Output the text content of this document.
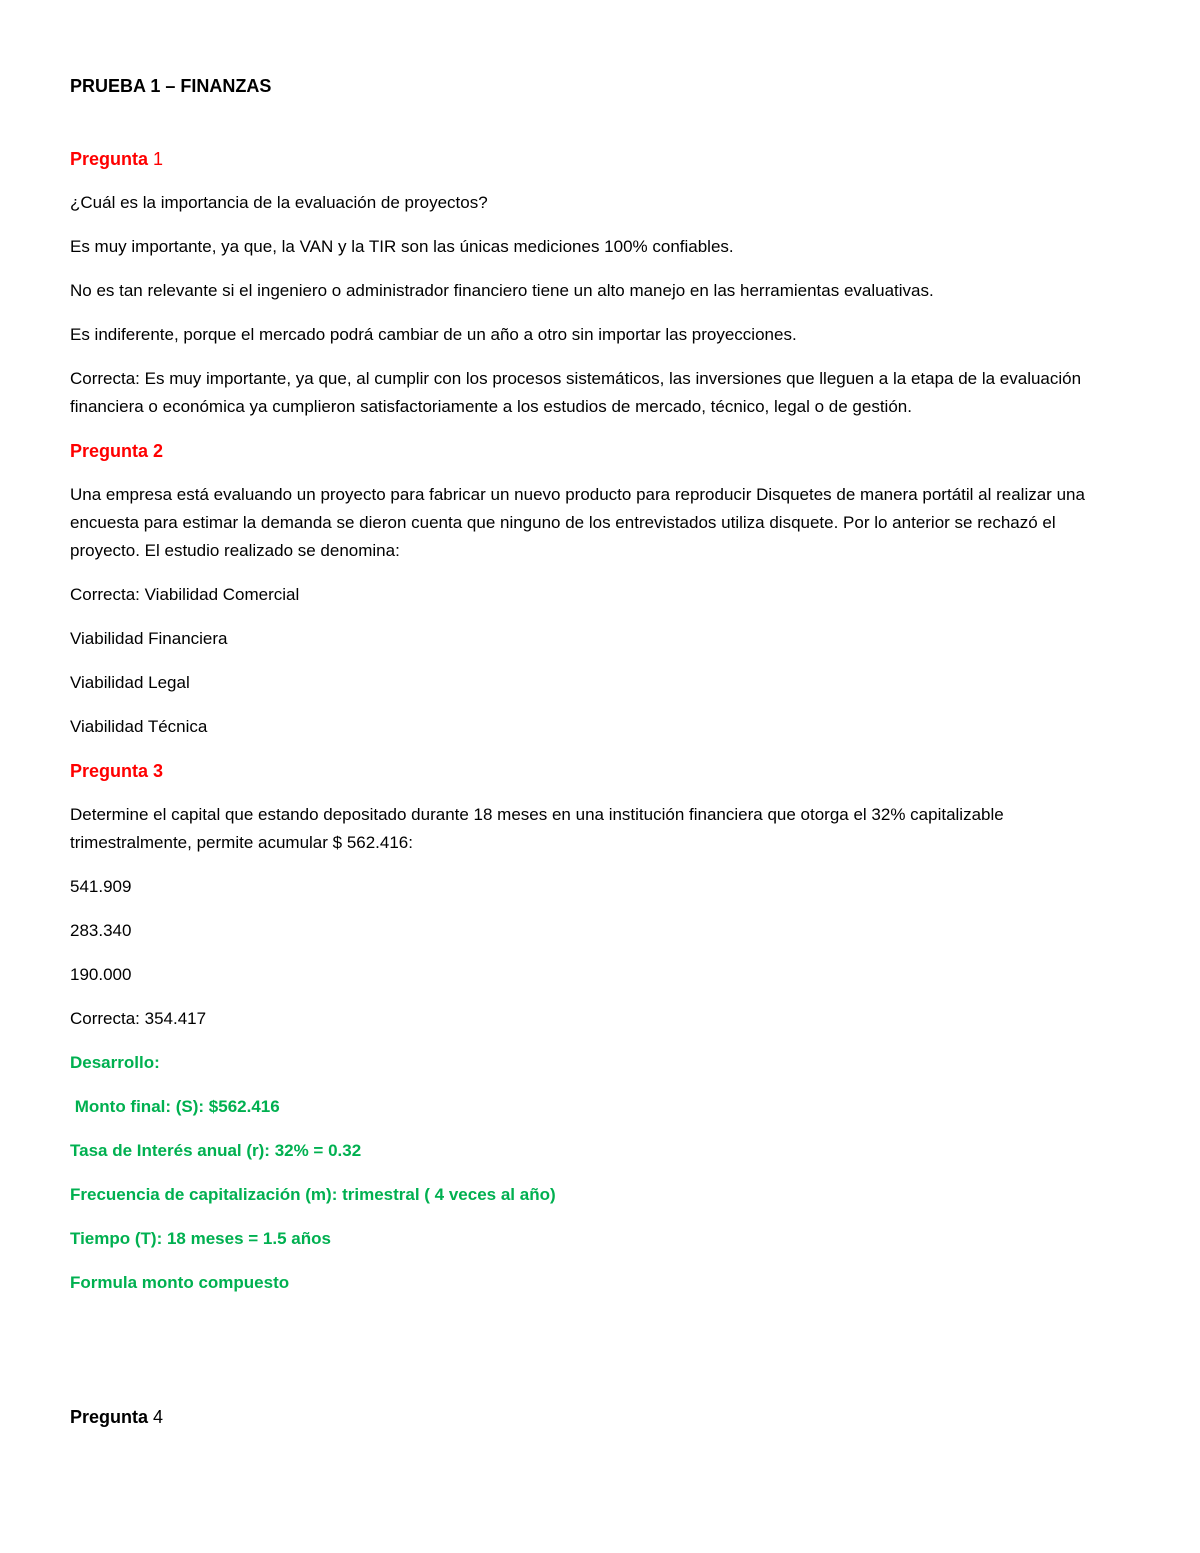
PRUEBA 1 – FINANZAS
Pregunta 1

¿Cuál es la importancia de la evaluación de proyectos?

Es muy importante, ya que, la VAN y la TIR son las únicas mediciones 100% confiables.

No es tan relevante si el ingeniero o administrador financiero tiene un alto manejo en las herramientas evaluativas.

Es indiferente, porque el mercado podrá cambiar de un año a otro sin importar las proyecciones.

Correcta: Es muy importante, ya que, al cumplir con los procesos sistemáticos, las inversiones que lleguen a la etapa de la evaluación financiera o económica ya cumplieron satisfactoriamente a los estudios de mercado, técnico, legal o de gestión.

Pregunta 2

Una empresa está evaluando un proyecto para fabricar un nuevo producto para reproducir Disquetes de manera portátil al realizar una encuesta para estimar la demanda se dieron cuenta que ninguno de los entrevistados utiliza disquete. Por lo anterior se rechazó el proyecto. El estudio realizado se denomina:

Correcta: Viabilidad Comercial

Viabilidad Financiera

Viabilidad Legal

Viabilidad Técnica

Pregunta 3

Determine el capital que estando depositado durante 18 meses en una institución financiera que otorga el 32% capitalizable trimestralmente, permite acumular $ 562.416:

541.909

283.340

190.000

Correcta: 354.417

Desarrollo:

Monto final: (S): $562.416

Tasa de Interés anual (r): 32% = 0.32

Frecuencia de capitalización (m): trimestral ( 4 veces al año)

Tiempo (T): 18 meses = 1.5 años

Formula monto compuesto

Pregunta 4
